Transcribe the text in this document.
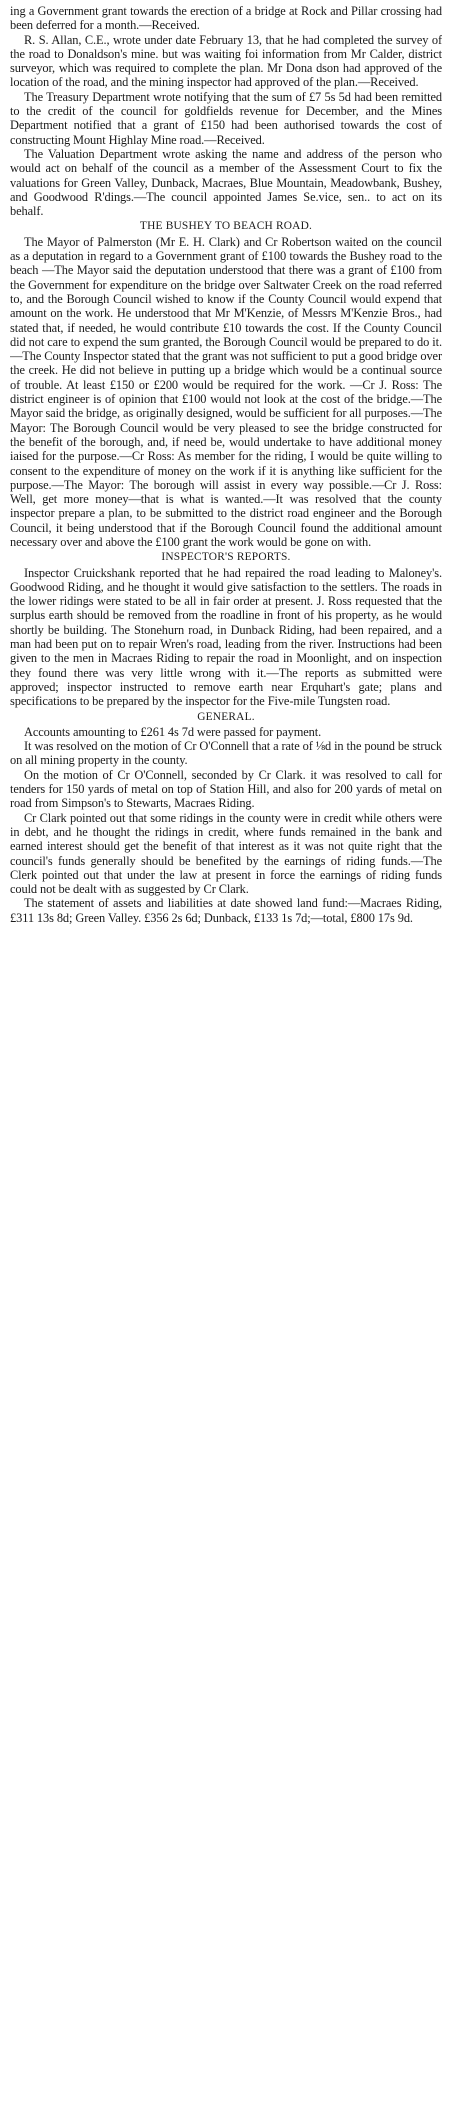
ing a Government grant towards the erection of a bridge at Rock and Pillar crossing had been deferred for a month.—Received.

R. S. Allan, C.E., wrote under date February 13, that he had completed the survey of the road to Donaldson's mine. but was waiting foi information from Mr Calder, district surveyor, which was required to complete the plan. Mr Dona dson had approved of the location of the road, and the mining inspector had approved of the plan.—Received.

The Treasury Department wrote notifying that the sum of £7 5s 5d had been remitted to the credit of the council for goldfields revenue for December, and the Mines Department notified that a grant of £150 had been authorised towards the cost of constructing Mount Highlay Mine road.—Received.

The Valuation Department wrote asking the name and address of the person who would act on behalf of the council as a member of the Assessment Court to fix the valuations for Green Valley, Dunback, Macraes, Blue Mountain, Meadowbank, Bushey, and Goodwood R'dings.—The council appointed James Se.vice, sen.. to act on its behalf.

THE BUSHEY TO BEACH ROAD.

The Mayor of Palmerston (Mr E. H. Clark) and Cr Robertson waited on the council as a deputation in regard to a Government grant of £100 towards the Bushey road to the beach —The Mayor said the deputation understood that there was a grant of £100 from the Government for expenditure on the bridge over Saltwater Creek on the road referred to, and the Borough Council wished to know if the County Council would expend that amount on the work. He understood that Mr M'Kenzie, of Messrs M'Kenzie Bros., had stated that, if needed, he would contribute £10 towards the cost. If the County Council did not care to expend the sum granted, the Borough Council would be prepared to do it.—The County Inspector stated that the grant was not sufficient to put a good bridge over the creek. He did not believe in putting up a bridge which would be a continual source of trouble. At least £150 or £200 would be required for the work. —Cr J. Ross: The district engineer is of opinion that £100 would not look at the cost of the bridge.—The Mayor said the bridge, as originally designed, would be sufficient for all purposes.—The Mayor: The Borough Council would be very pleased to see the bridge constructed for the benefit of the borough, and, if need be, would undertake to have additional money iaised for the purpose.—Cr Ross: As member for the riding, I would be quite willing to consent to the expenditure of money on the work if it is anything like sufficient for the purpose.—The Mayor: The borough will assist in every way possible.—Cr J. Ross: Well, get more money—that is what is wanted.—It was resolved that the county inspector prepare a plan, to be submitted to the district road engineer and the Borough Council, it being understood that if the Borough Council found the additional amount necessary over and above the £100 grant the work would be gone on with.

INSPECTOR'S REPORTS.

Inspector Cruickshank reported that he had repaired the road leading to Maloney's. Goodwood Riding, and he thought it would give satisfaction to the settlers. The roads in the lower ridings were stated to be all in fair order at present. J. Ross requested that the surplus earth should be removed from the roadline in front of his property, as he would shortly be building. The Stonehurn road, in Dunback Riding, had been repaired, and a man had been put on to repair Wren's road, leading from the river. Instructions had been given to the men in Macraes Riding to repair the road in Moonlight, and on inspection they found there was very little wrong with it.—The reports as submitted were approved; inspector instructed to remove earth near Erquhart's gate; plans and specifications to be prepared by the inspector for the Five-mile Tungsten road.

GENERAL.

Accounts amounting to £261 4s 7d were passed for payment.

It was resolved on the motion of Cr O'Connell that a rate of ⅛d in the pound be struck on all mining property in the county.

On the motion of Cr O'Connell, seconded by Cr Clark. it was resolved to call for tenders for 150 yards of metal on top of Station Hill, and also for 200 yards of metal on road from Simpson's to Stewarts, Macraes Riding.

Cr Clark pointed out that some ridings in the county were in credit while others were in debt, and he thought the ridings in credit, where funds remained in the bank and earned interest should get the benefit of that interest as it was not quite right that the council's funds generally should be benefited by the earnings of riding funds.—The Clerk pointed out that under the law at present in force the earnings of riding funds could not be dealt with as suggested by Cr Clark.

The statement of assets and liabilities at date showed land fund:—Macraes Riding, £311 13s 8d; Green Valley. £356 2s 6d; Dunback, £133 1s 7d;—total, £800 17s 9d.
